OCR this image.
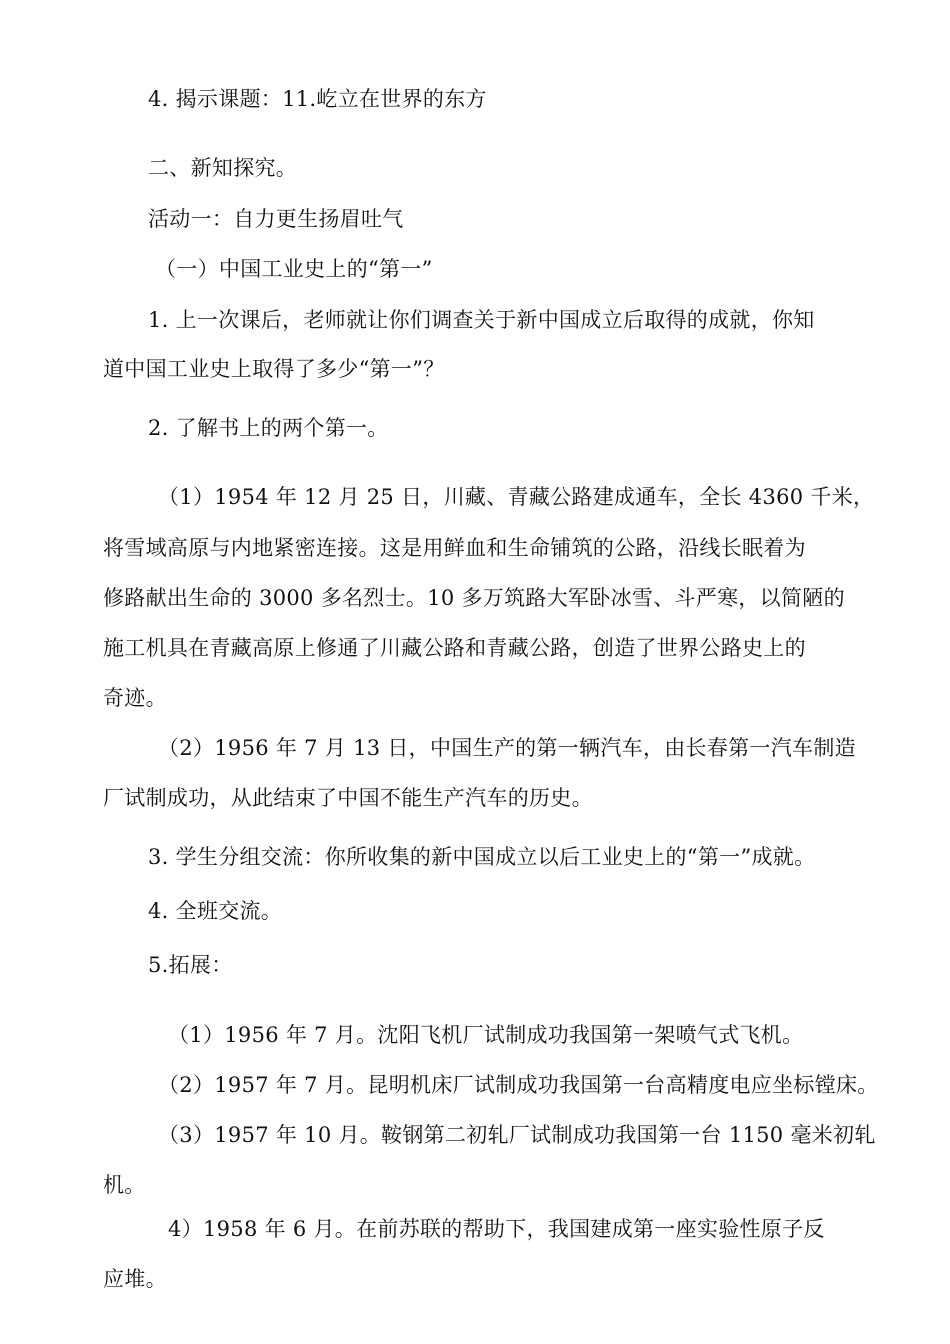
4. 揭示课题：11.屹立在世界的东方
二、新知探究。
活动一：自力更生扬眉吐气
（一）中国工业史上的“第一”
1. 上一次课后，老师就让你们调查关于新中国成立后取得的成就，你知
道中国工业史上取得了多少“第一”？
2. 了解书上的两个第一。
（1）1954 年 12 月 25 日，川藏、青藏公路建成通车，全长 4360 千米，
将雪域高原与内地紧密连接。这是用鲜血和生命铺筑的公路，沿线长眠着为
修路献出生命的 3000 多名烈士。10 多万筑路大军卧冰雪、斗严寒，以简陋的
施工机具在青藏高原上修通了川藏公路和青藏公路，创造了世界公路史上的
奇迹。
（2）1956 年 7 月 13 日，中国生产的第一辆汽车，由长春第一汽车制造
厂试制成功，从此结束了中国不能生产汽车的历史。
3. 学生分组交流：你所收集的新中国成立以后工业史上的“第一”成就。
4. 全班交流。
5.拓展：
（1）1956 年 7 月。沈阳飞机厂试制成功我国第一架喷气式飞机。
（2）1957 年 7 月。昆明机床厂试制成功我国第一台高精度电应坐标镗床。
（3）1957 年 10 月。鞍钢第二初轧厂试制成功我国第一台 1150 毫米初轧
机。
4）1958 年 6 月。在前苏联的帮助下，我国建成第一座实验性原子反
应堆。
